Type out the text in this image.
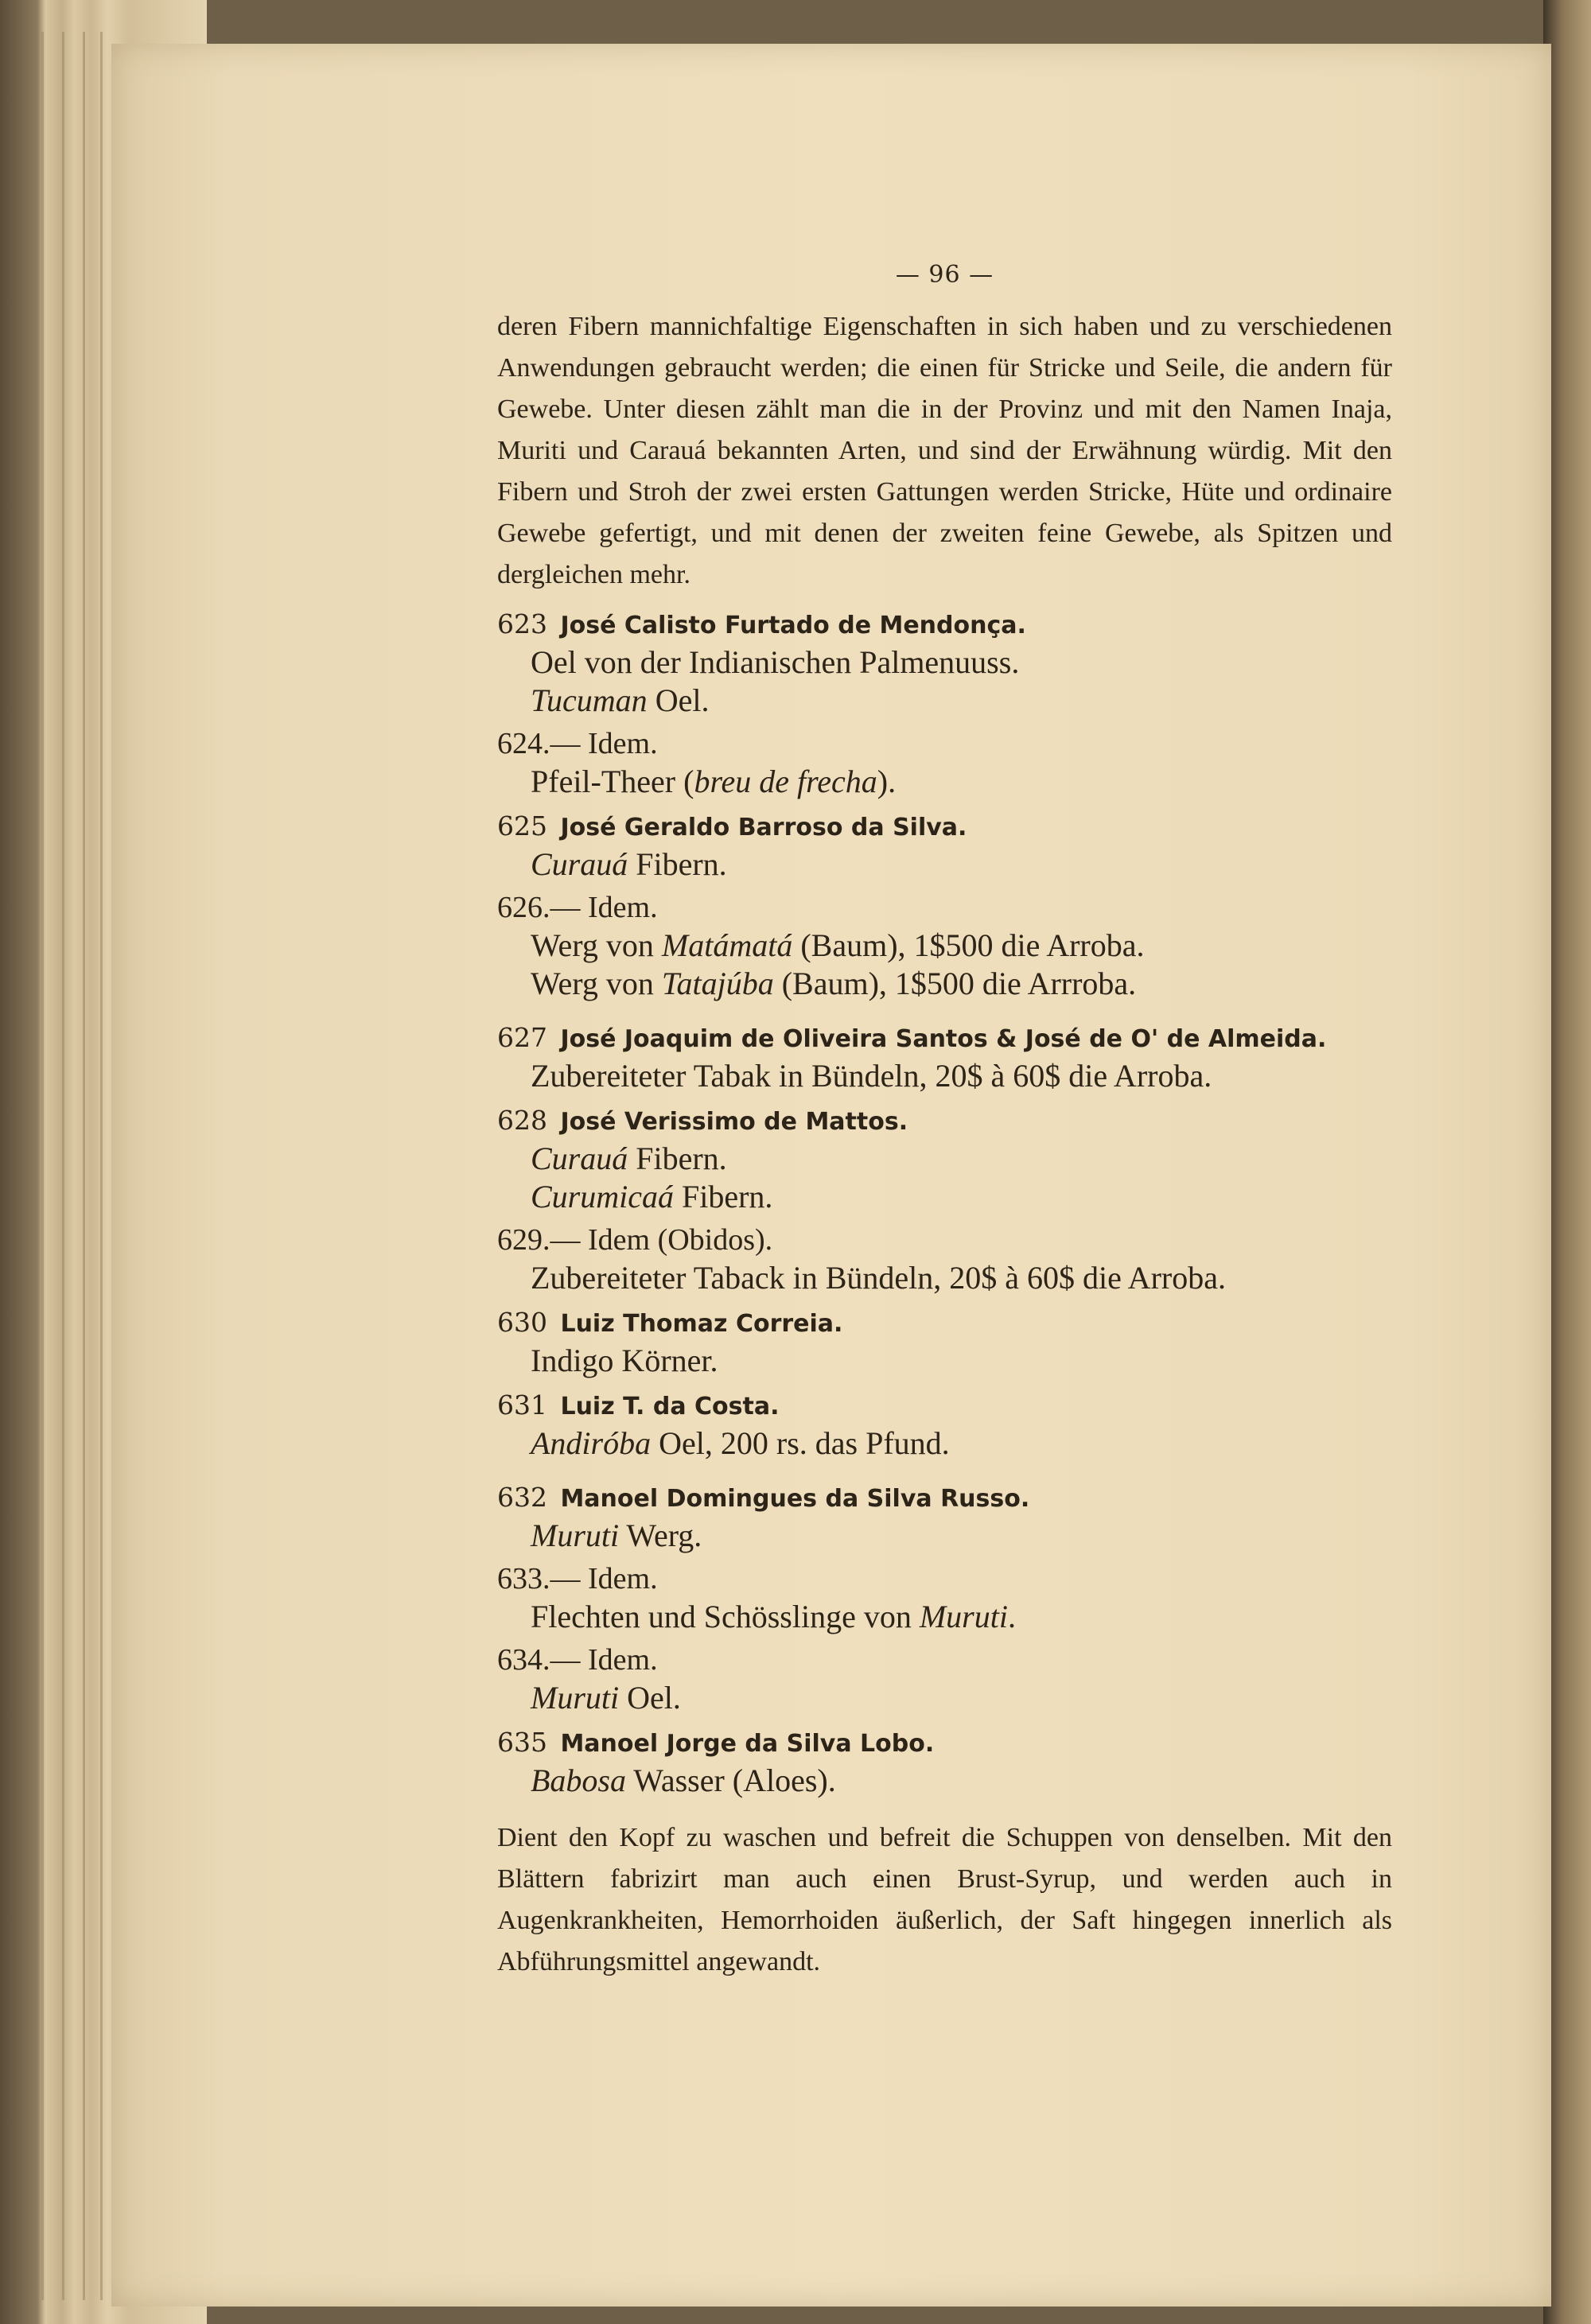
— 96 —

deren Fibern mannichfaltige Eigenschaften in sich haben und zu verschiedenen Anwendungen gebraucht werden; die einen für Stricke und Seile, die andern für Gewebe. Unter diesen zählt man die in der Provinz und mit den Namen Inaja, Muriti und Carauá bekannten Arten, und sind der Erwähnung würdig. Mit den Fibern und Stroh der zwei ersten Gattungen werden Stricke, Hüte und ordinaire Gewebe gefertigt, und mit denen der zweiten feine Gewebe, als Spitzen und dergleichen mehr.

623 José Calisto Furtado de Mendonça.
Oel von der Indianischen Palmenuuss.
Tucuman Oel.
624.— Idem.
Pfeil-Theer (breu de frecha).
625 José Geraldo Barroso da Silva.
Curauá Fibern.
626.— Idem.
Werg von Matámatá (Baum), 1$500 die Arroba.
Werg von Tatajúba (Baum), 1$500 die Arrroba.
627 José Joaquim de Oliveira Santos & José de O' de Almeida.
Zubereiteter Tabak in Bündeln, 20$ à 60$ die Arroba.
628 José Verissimo de Mattos.
Curauá Fibern.
Curumicaá Fibern.
629.— Idem (Obidos).
Zubereiteter Taback in Bündeln, 20$ à 60$ die Arroba.
630 Luiz Thomaz Correia.
Indigo Körner.
631 Luiz T. da Costa.
Andiróba Oel, 200 rs. das Pfund.
632 Manoel Domingues da Silva Russo.
Muruti Werg.
633.— Idem.
Flechten und Schösslinge von Muruti.
634.— Idem.
Muruti Oel.
635 Manoel Jorge da Silva Lobo.
Babosa Wasser (Aloes).

Dient den Kopf zu waschen und befreit die Schuppen von denselben. Mit den Blättern fabrizirt man auch einen Brust-Syrup, und werden auch in Augenkrankheiten, Hemorrhoiden äußerlich, der Saft hingegen innerlich als Abführungsmittel angewandt.
